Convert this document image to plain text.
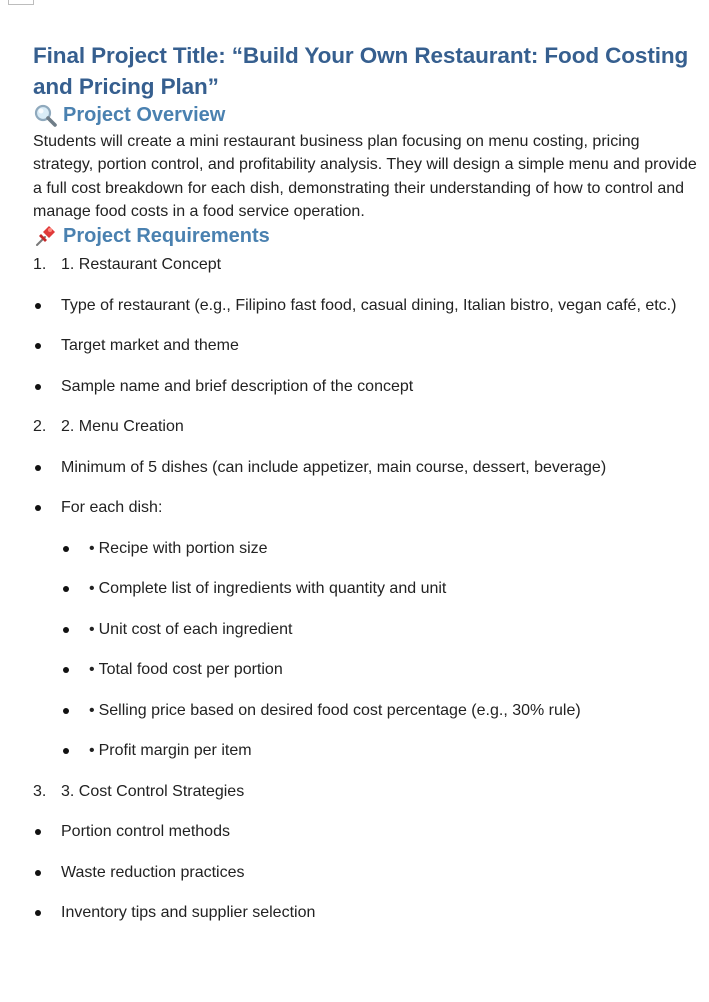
Final Project Title: “Build Your Own Restaurant: Food Costing and Pricing Plan”
Project Overview

Students will create a mini restaurant business plan focusing on menu costing, pricing strategy, portion control, and profitability analysis. They will design a simple menu and provide a full cost breakdown for each dish, demonstrating their understanding of how to control and manage food costs in a food service operation.

Project Requirements
1. 1. Restaurant Concept
Type of restaurant (e.g., Filipino fast food, casual dining, Italian bistro, vegan café, etc.)
Target market and theme
Sample name and brief description of the concept
2. 2. Menu Creation
Minimum of 5 dishes (can include appetizer, main course, dessert, beverage)
For each dish:
• Recipe with portion size
• Complete list of ingredients with quantity and unit
• Unit cost of each ingredient
• Total food cost per portion
• Selling price based on desired food cost percentage (e.g., 30% rule)
• Profit margin per item
3. 3. Cost Control Strategies
Portion control methods
Waste reduction practices
Inventory tips and supplier selection
